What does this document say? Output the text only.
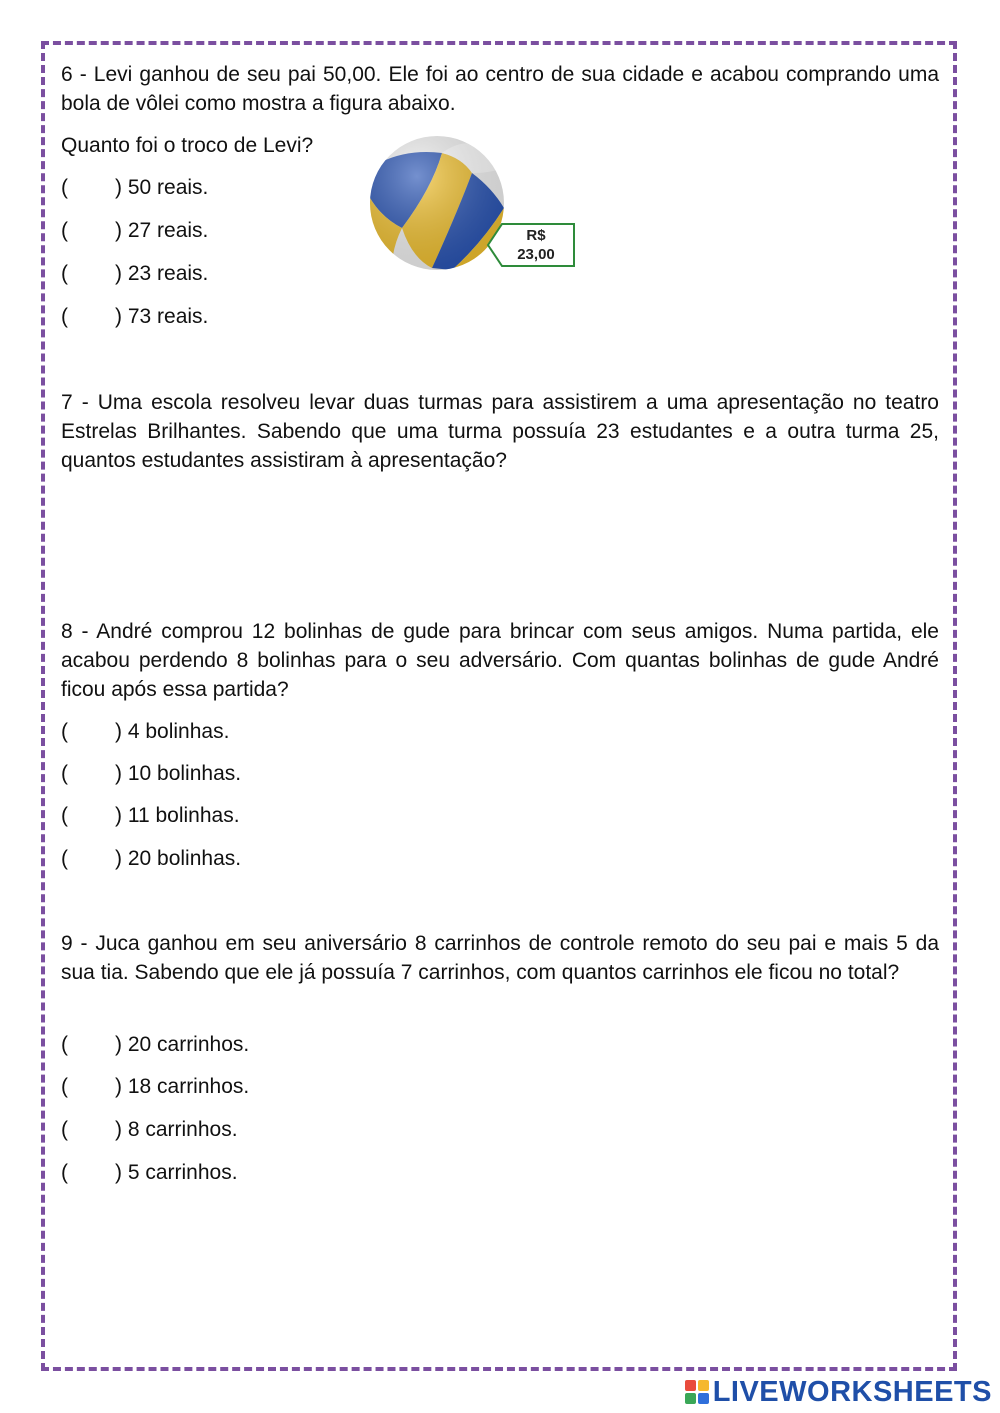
6 - Levi ganhou de seu pai 50,00. Ele foi ao centro de sua cidade e acabou comprando uma bola de vôlei como mostra a figura abaixo.

Quanto foi o troco de Levi?

( ) 50 reais.
( ) 27 reais.
( ) 23 reais.
( ) 73 reais.
R$
23,00

7 - Uma escola resolveu levar duas turmas para assistirem a uma apresentação no teatro Estrelas Brilhantes. Sabendo que uma turma possuía 23 estudantes e a outra turma 25, quantos estudantes assistiram à apresentação?

8 - André comprou 12 bolinhas de gude para brincar com seus amigos. Numa partida, ele acabou perdendo 8 bolinhas para o seu adversário. Com quantas bolinhas de gude André ficou após essa partida?

( ) 4 bolinhas.
( ) 10 bolinhas.
( ) 11 bolinhas.
( ) 20 bolinhas.

9 - Juca ganhou em seu aniversário 8 carrinhos de controle remoto do seu pai e mais 5 da sua tia. Sabendo que ele já possuía 7 carrinhos, com quantos carrinhos ele ficou no total?

( ) 20 carrinhos.
( ) 18 carrinhos.
( ) 8 carrinhos.
( ) 5 carrinhos.
LIVEWORKSHEETS
